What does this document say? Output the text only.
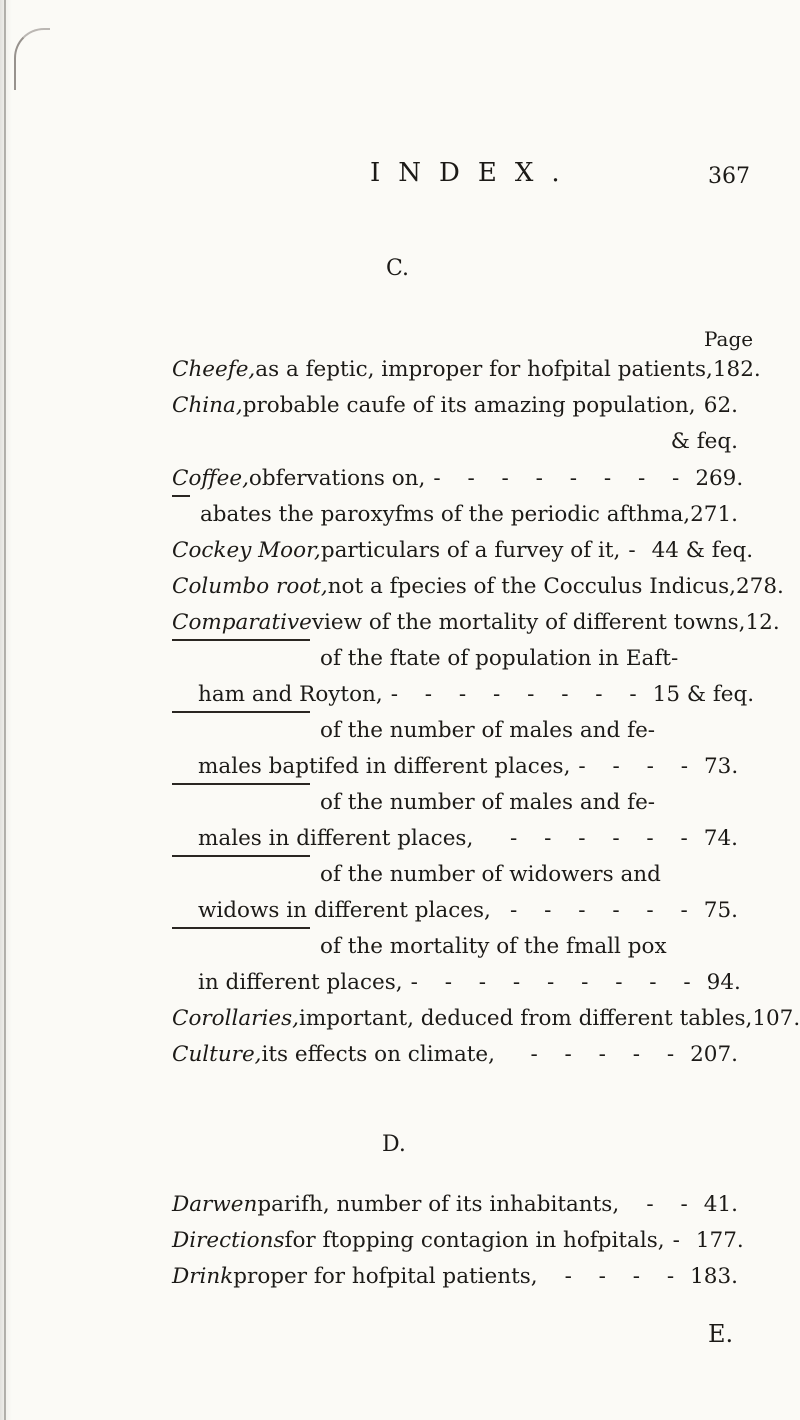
INDEX.	367
C.
Page
Cheefe, as a feptic, improper for hofpital patients, 182.
China, probable caufe of its amazing population, 62.
& feq.
Coffee, obfervations on, - - - - - - - - 269.
abates the paroxyfms of the periodic afthma, 271.
Cockey Moor, particulars of a furvey of it, - 44 & feq.
Columbo root, not a fpecies of the Cocculus Indicus, 278.
Comparative view of the mortality of different towns, 12.
of the ftate of population in Eaft-
ham and Royton, - - - - - - - - 15 & feq.
of the number of males and fe-
males baptifed in different places, - - - - 73.
of the number of males and fe-
males in different places,	- - - - - - 74.
of the number of widowers and
widows in different places, - - - - - - 75.
of the mortality of the fmall pox
in different places, - - - - - - - - - 94.
Corollaries, important, deduced from different tables, 107.
Culture, its effects on climate,	- - - - - 207.
D.
Darwen parifh, number of its inhabitants,	- - 41.
Directions for ftopping contagion in hofpitals, - 177.
Drink proper for hofpital patients,	- - - - 183.
E.
